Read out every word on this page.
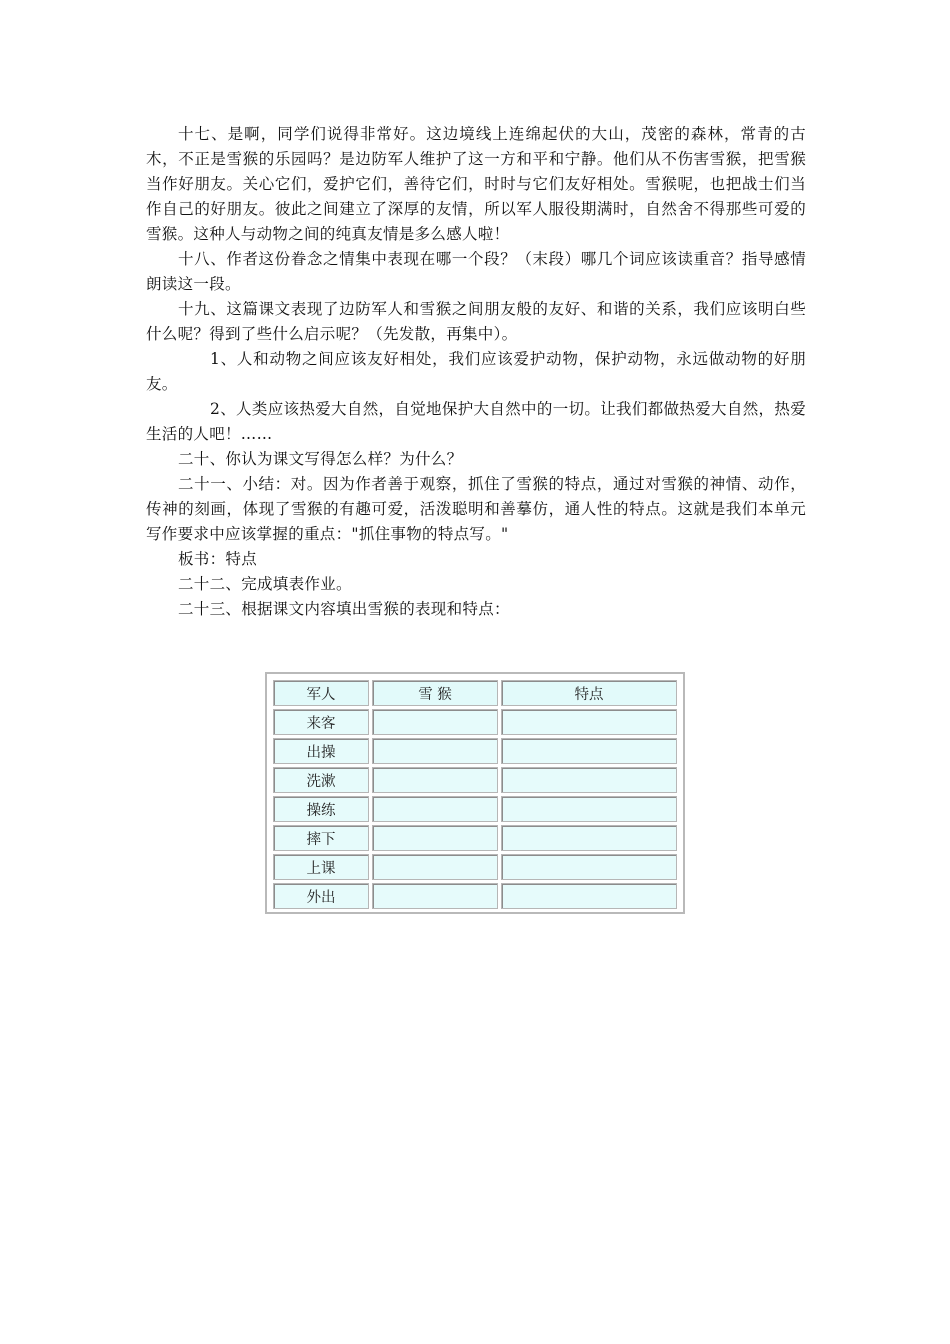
十七、是啊，同学们说得非常好。这边境线上连绵起伏的大山，茂密的森林，常青的古木，不正是雪猴的乐园吗？是边防军人维护了这一方和平和宁静。他们从不伤害雪猴，把雪猴当作好朋友。关心它们，爱护它们，善待它们，时时与它们友好相处。雪猴呢，也把战士们当作自己的好朋友。彼此之间建立了深厚的友情，所以军人服役期满时，自然舍不得那些可爱的雪猴。这种人与动物之间的纯真友情是多么感人啦！

十八、作者这份眷念之情集中表现在哪一个段？（末段）哪几个词应该读重音？指导感情朗读这一段。

十九、这篇课文表现了边防军人和雪猴之间朋友般的友好、和谐的关系，我们应该明白些什么呢？得到了些什么启示呢？（先发散，再集中）。

1、人和动物之间应该友好相处，我们应该爱护动物，保护动物，永远做动物的好朋友。

2、人类应该热爱大自然，自觉地保护大自然中的一切。让我们都做热爱大自然，热爱生活的人吧！……

二十、你认为课文写得怎么样？为什么？

二十一、小结：对。因为作者善于观察，抓住了雪猴的特点，通过对雪猴的神情、动作，传神的刻画，体现了雪猴的有趣可爱，活泼聪明和善摹仿，通人性的特点。这就是我们本单元写作要求中应该掌握的重点："抓住事物的特点写。"

板书：特点

二十二、完成填表作业。

二十三、根据课文内容填出雪猴的表现和特点：

军人	雪 猴	特点
来客		
出操		
洗漱		
操练		
摔下		
上课		
外出		
